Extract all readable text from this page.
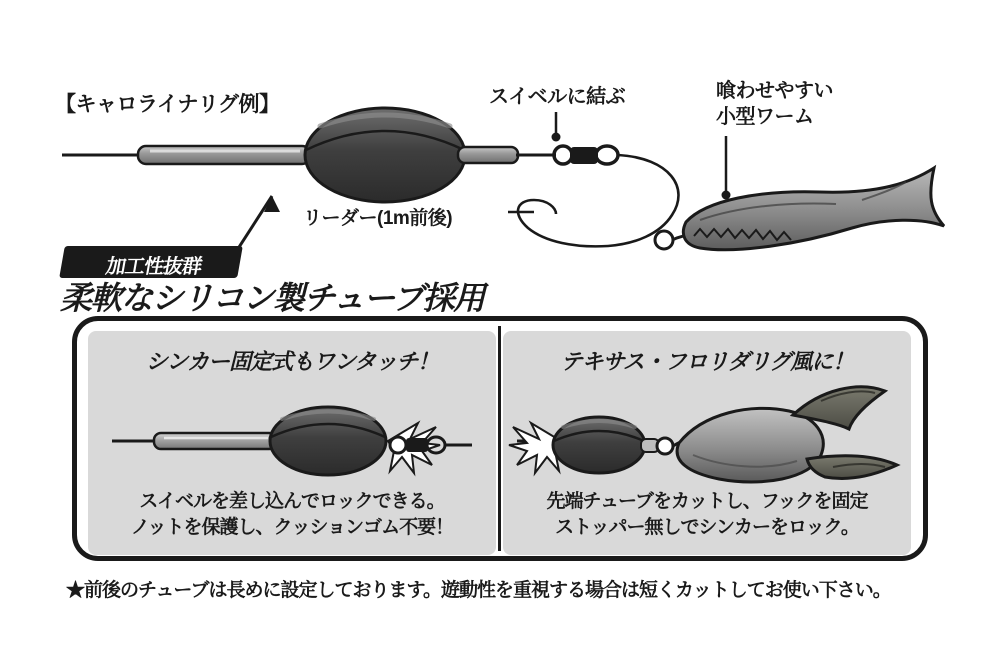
【キャロライナリグ例】	スイベルに結ぶ	喰わせやすい
小型ワーム
リーダー(1m前後)
加工性抜群
柔軟なシリコン製チューブ採用
シンカー固定式もワンタッチ！
スイベルを差し込んでロックできる。
ノットを保護し、クッションゴム不要！
テキサス・フロリダリグ風に！
先端チューブをカットし、フックを固定
ストッパー無しでシンカーをロック。
★前後のチューブは長めに設定しております。遊動性を重視する場合は短くカットしてお使い下さい。
